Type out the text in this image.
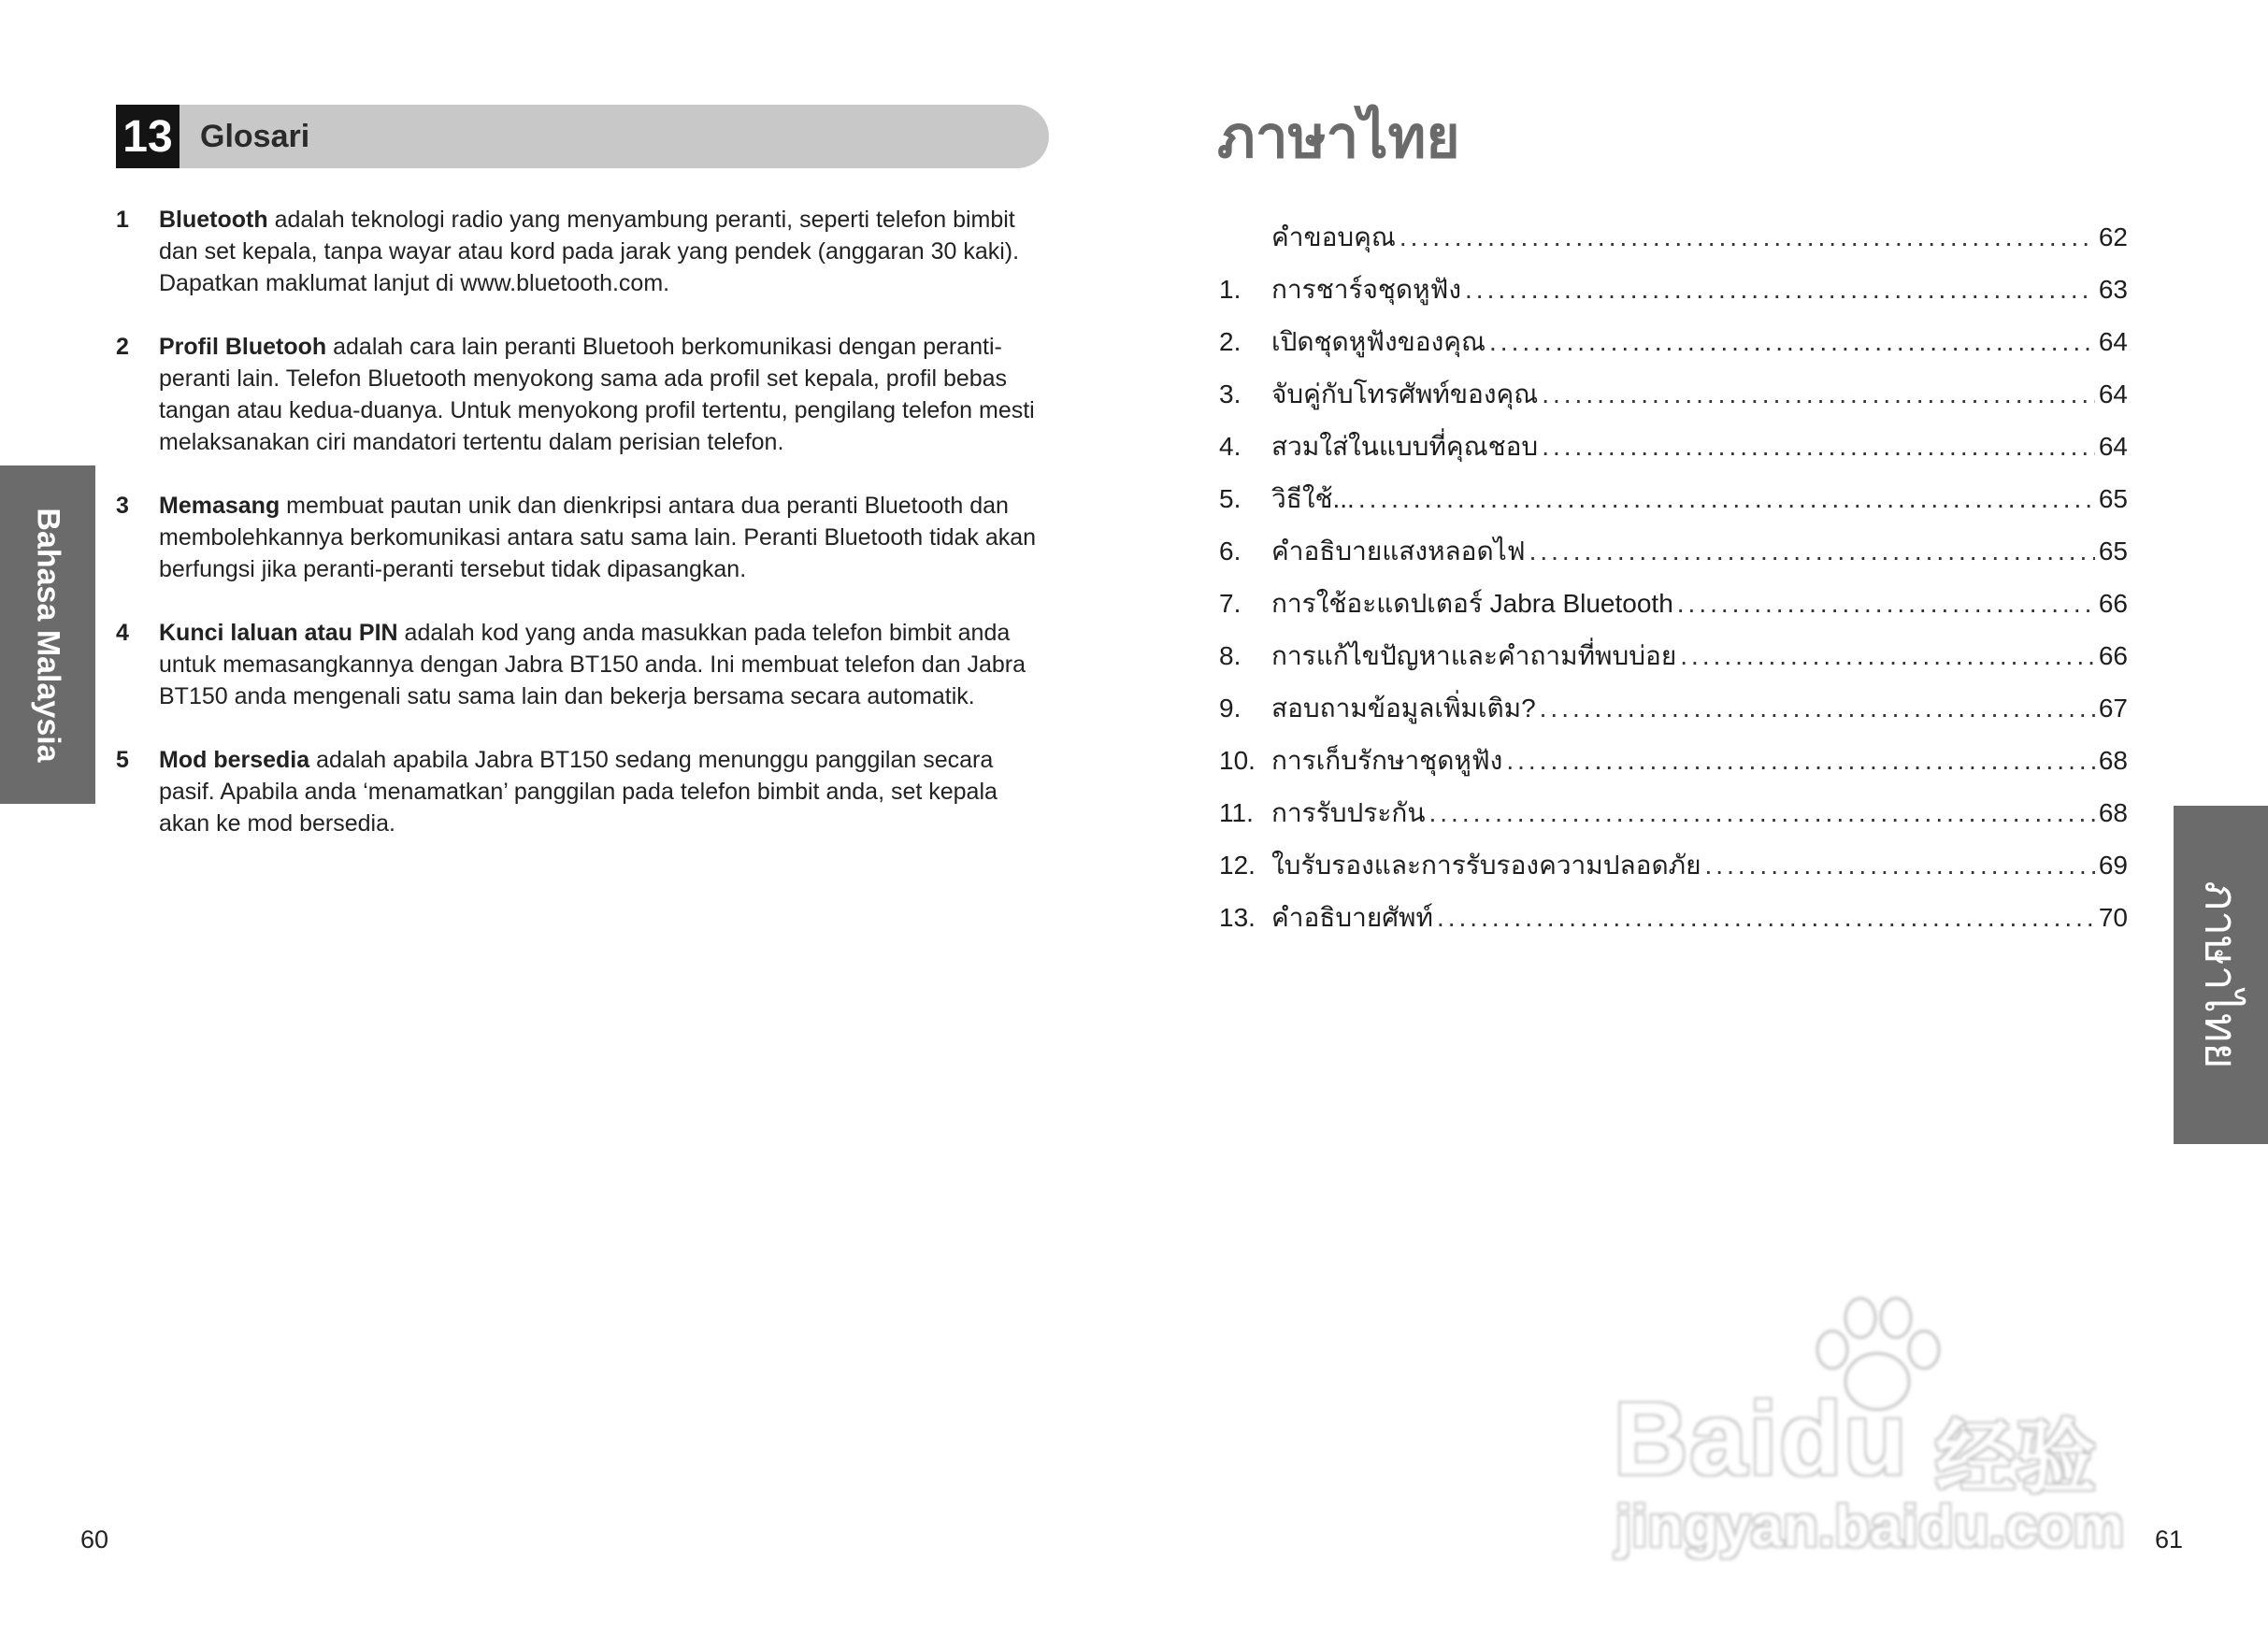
13 Glosari
1 Bluetooth adalah teknologi radio yang menyambung peranti, seperti telefon bimbit dan set kepala, tanpa wayar atau kord pada jarak yang pendek (anggaran 30 kaki). Dapatkan maklumat lanjut di www.bluetooth.com.
2 Profil Bluetooh adalah cara lain peranti Bluetooh berkomunikasi dengan peranti-peranti lain. Telefon Bluetooth menyokong sama ada profil set kepala, profil bebas tangan atau kedua-duanya. Untuk menyokong profil tertentu, pengilang telefon mesti melaksanakan ciri mandatori tertentu dalam perisian telefon.
3 Memasang membuat pautan unik dan dienkripsi antara dua peranti Bluetooth dan membolehkannya berkomunikasi antara satu sama lain. Peranti Bluetooth tidak akan berfungsi jika peranti-peranti tersebut tidak dipasangkan.
4 Kunci laluan atau PIN adalah kod yang anda masukkan pada telefon bimbit anda untuk memasangkannya dengan Jabra BT150 anda. Ini membuat telefon dan Jabra BT150 anda mengenali satu sama lain dan bekerja bersama secara automatik.
5 Mod bersedia adalah apabila Jabra BT150 sedang menunggu panggilan secara pasif. Apabila anda ‘menamatkan’ panggilan pada telefon bimbit anda, set kepala akan ke mod bersedia.
Bahasa Malaysia
60
ภาษาไทย
คำขอบคุณ .....	62
1.	การชาร์จชุดหูฟัง .....	63
2.	เปิดชุดหูฟังของคุณ .....	64
3.	จับคู่กับโทรศัพท์ของคุณ .....	64
4.	สวมใส่ในแบบที่คุณชอบ .....	64
5.	วิธีใช้... .....	65
6.	คำอธิบายแสงหลอดไฟ .....	65
7.	การใช้อะแดปเตอร์ Jabra Bluetooth .....	66
8.	การแก้ไขปัญหาและคำถามที่พบบ่อย .....	66
9.	สอบถามข้อมูลเพิ่มเติม? .....	67
10. การเก็บรักษาชุดหูฟัง .....	68
11. การรับประกัน .....	68
12. ใบรับรองและการรับรองความปลอดภัย .....	69
13. คำอธิบายศัพท์ .....	70 ภาษาไทย
61
Baidu 经验
jingyan.baidu.com
